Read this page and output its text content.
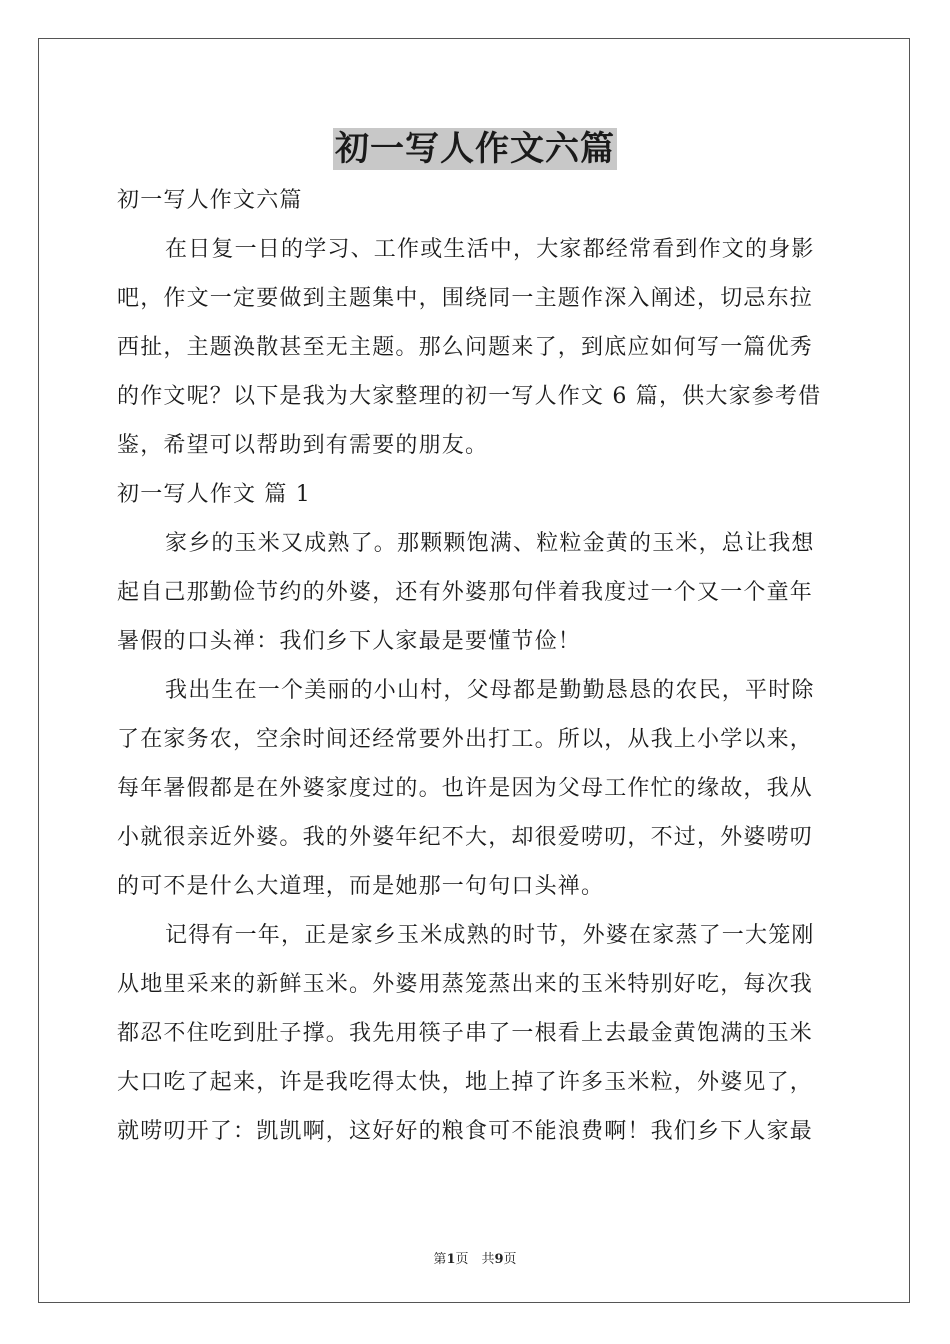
初一写人作文六篇
初一写人作文六篇
在日复一日的学习、工作或生活中，大家都经常看到作文的身影
吧，作文一定要做到主题集中，围绕同一主题作深入阐述，切忌东拉
西扯，主题涣散甚至无主题。那么问题来了，到底应如何写一篇优秀
的作文呢？以下是我为大家整理的初一写人作文 6 篇，供大家参考借
鉴，希望可以帮助到有需要的朋友。
初一写人作文 篇 1
家乡的玉米又成熟了。那颗颗饱满、粒粒金黄的玉米，总让我想
起自己那勤俭节约的外婆，还有外婆那句伴着我度过一个又一个童年
暑假的口头禅：我们乡下人家最是要懂节俭！
我出生在一个美丽的小山村，父母都是勤勤恳恳的农民，平时除
了在家务农，空余时间还经常要外出打工。所以，从我上小学以来，
每年暑假都是在外婆家度过的。也许是因为父母工作忙的缘故，我从
小就很亲近外婆。我的外婆年纪不大，却很爱唠叨，不过，外婆唠叨
的可不是什么大道理，而是她那一句句口头禅。
记得有一年，正是家乡玉米成熟的时节，外婆在家蒸了一大笼刚
从地里采来的新鲜玉米。外婆用蒸笼蒸出来的玉米特别好吃，每次我
都忍不住吃到肚子撑。我先用筷子串了一根看上去最金黄饱满的玉米
大口吃了起来，许是我吃得太快，地上掉了许多玉米粒，外婆见了，
就唠叨开了：凯凯啊，这好好的粮食可不能浪费啊！我们乡下人家最
第1页　共9页
